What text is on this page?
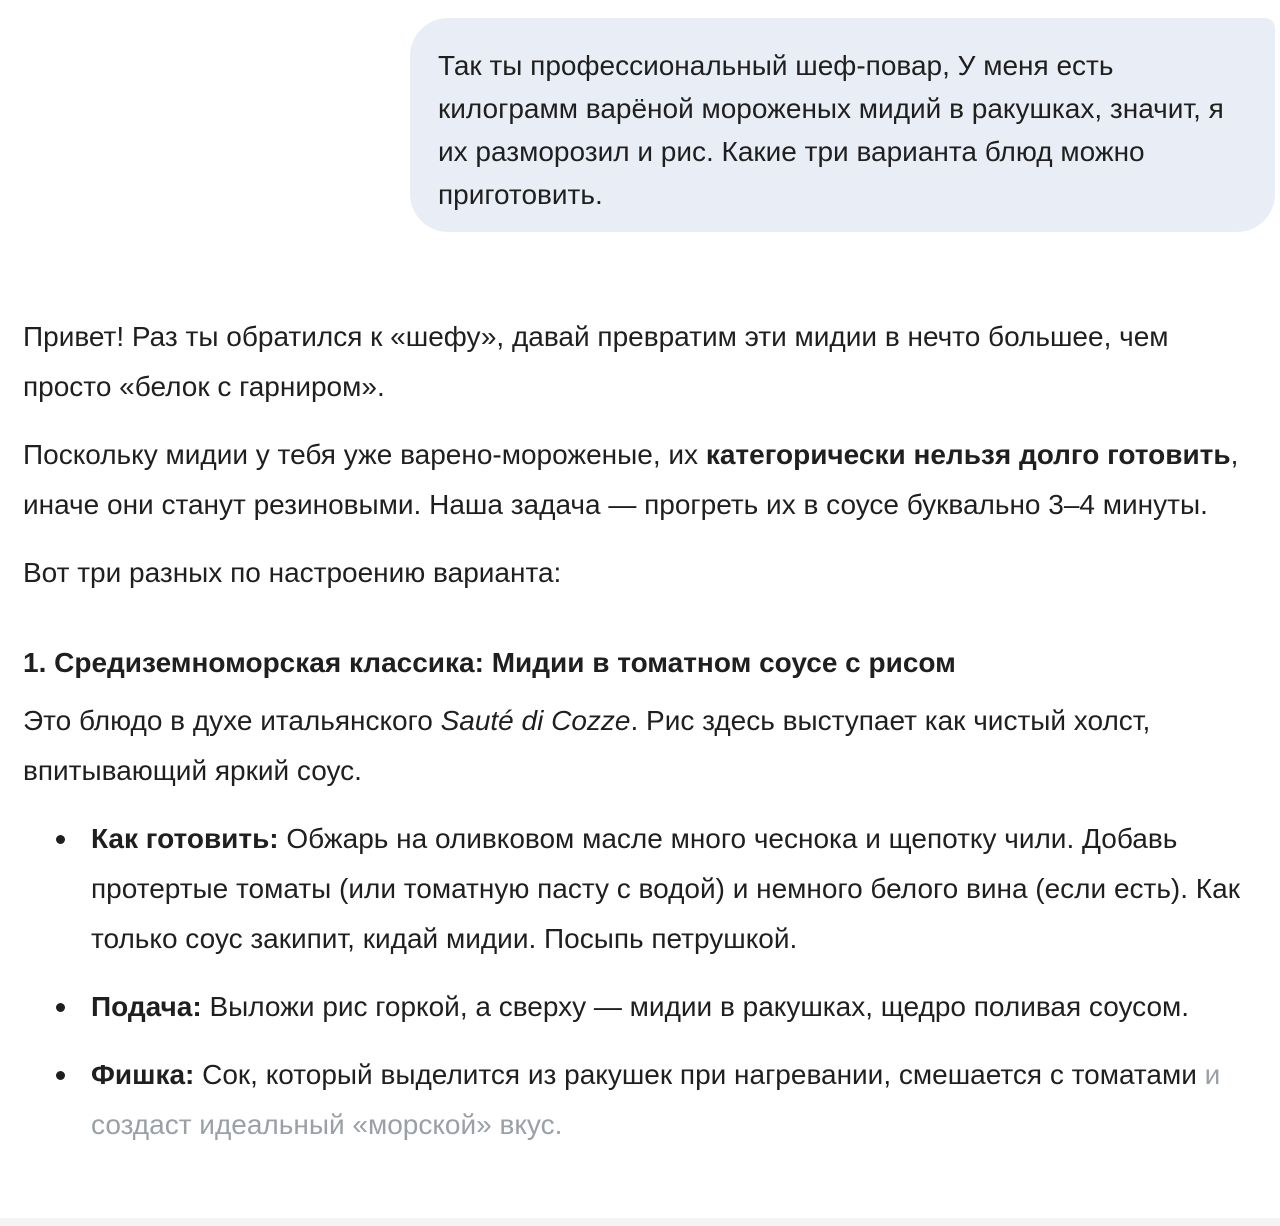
Так ты профессиональный шеф-повар, У меня есть килограмм варёной мороженых мидий в ракушках, значит, я их разморозил и рис. Какие три варианта блюд можно приготовить.

Привет! Раз ты обратился к «шефу», давай превратим эти мидии в нечто большее, чем просто «белок с гарниром».

Поскольку мидии у тебя уже варено-мороженые, их категорически нельзя долго готовить, иначе они станут резиновыми. Наша задача — прогреть их в соусе буквально 3–4 минуты.

Вот три разных по настроению варианта:

1. Средиземноморская классика: Мидии в томатном соусе с рисом

Это блюдо в духе итальянского Sauté di Cozze. Рис здесь выступает как чистый холст, впитывающий яркий соус.

Как готовить: Обжарь на оливковом масле много чеснока и щепотку чили. Добавь протертые томаты (или томатную пасту с водой) и немного белого вина (если есть). Как только соус закипит, кидай мидии. Посыпь петрушкой.
Подача: Выложи рис горкой, а сверху — мидии в ракушках, щедро поливая соусом.
Фишка: Сок, который выделится из ракушек при нагревании, смешается с томатами и создаст идеальный «морской» вкус.
